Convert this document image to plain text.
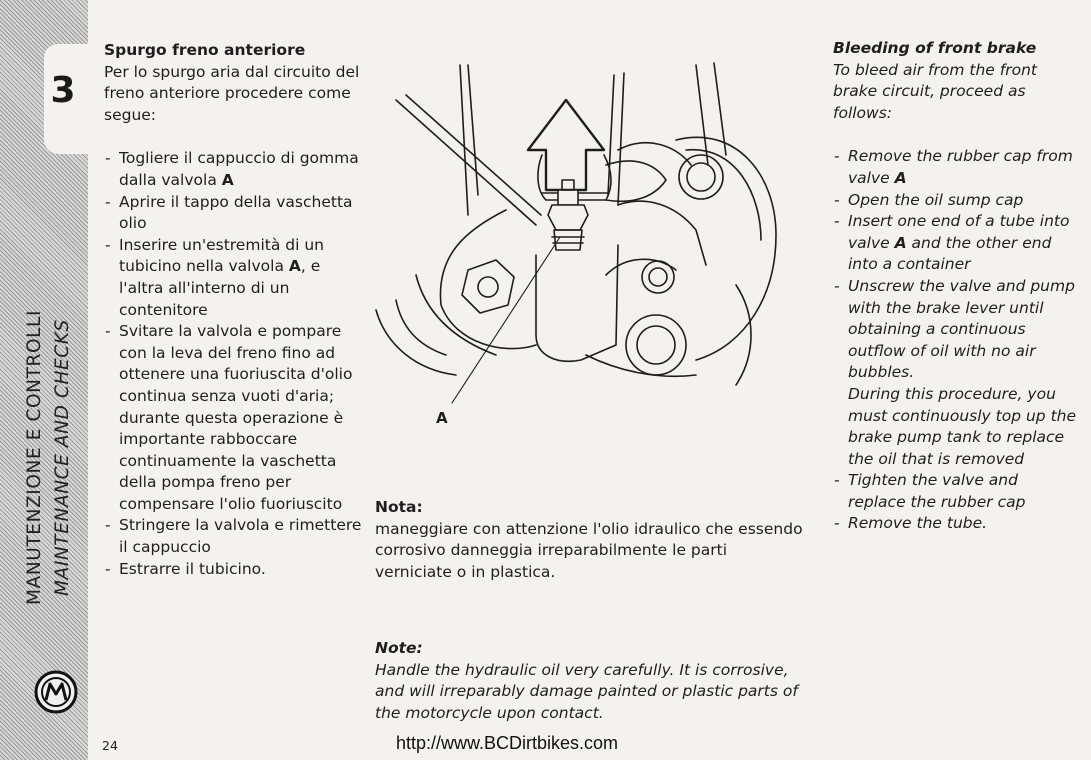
3
MANUTENZIONE E CONTROLLI MAINTENANCE AND CHECKS

Spurgo freno anteriore

Per lo spurgo aria dal circuito del freno anteriore procedere come segue:

- Togliere il cappuccio di gomma dalla valvola A
- Aprire il tappo della vaschetta olio
- Inserire un'estremità di un tubicino nella valvola A, e l'altra all'interno di un contenitore
- Svitare la valvola e pompare con la leva del freno fino ad ottenere una fuoriuscita d'olio continua senza vuoti d'aria; durante questa operazione è importante rabboccare continuamente la vaschetta della pompa freno per compensare l'olio fuoriuscito
- Stringere la valvola e rimettere il cappuccio
- Estrarre il tubicino.
A

Nota:

maneggiare con attenzione l'olio idraulico che essendo corrosivo danneggia irreparabilmente le parti verniciate o in plastica.

Note:

Handle the hydraulic oil very carefully. It is corrosive, and will irreparably damage painted or plastic parts of the motorcycle upon contact.

Bleeding of front brake

To bleed air from the front brake circuit, proceed as follows:

- Remove the rubber cap from valve A
- Open the oil sump cap
- Insert one end of a tube into valve A and the other end into a container
- Unscrew the valve and pump with the brake lever until obtaining a continuous outflow of oil with no air bubbles.

During this procedure, you must continuously top up the brake pump tank to replace the oil that is removed

- Tighten the valve and replace the rubber cap
- Remove the tube.
24	http://www.BCDirtbikes.com
